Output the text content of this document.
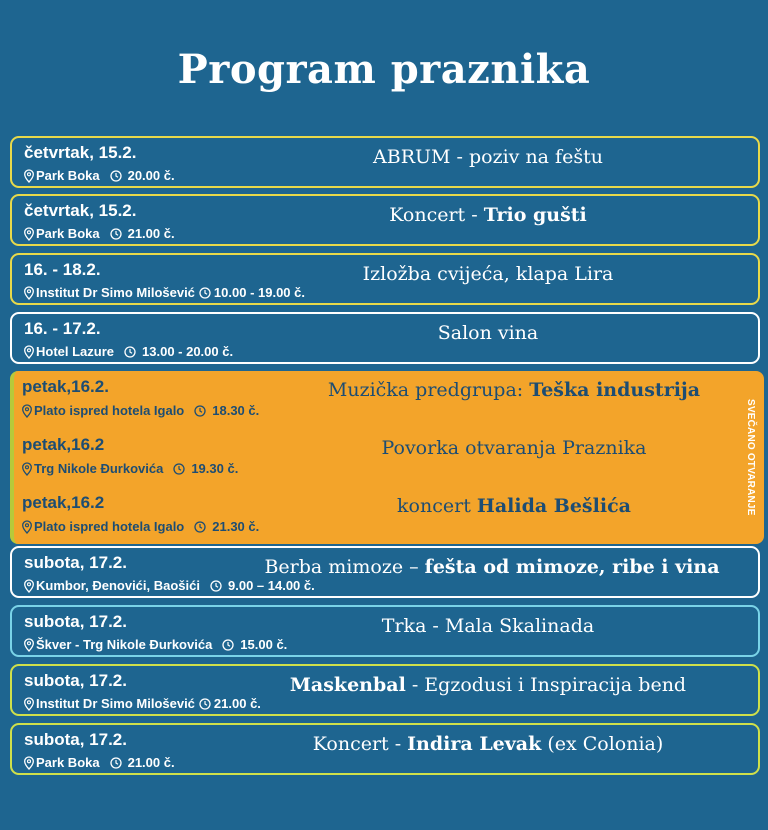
Program praznika
četvrtak, 15.2.
Park Boka 20.00 č.
ABRUM - poziv na feštu
četvrtak, 15.2.
Park Boka 21.00 č.
Koncert - Trio gušti
16. - 18.2.
Institut Dr Simo Milošević 10.00 - 19.00 č.
Izložba cvijeća, klapa Lira
16. - 17.2.
Hotel Lazure 13.00 - 20.00 č.
Salon vina
petak,16.2.
Plato ispred hotela Igalo 18.30 č.
Muzička predgrupa: Teška industrija
petak,16.2
Trg Nikole Đurkovića 19.30 č.
Povorka otvaranja Praznika
petak,16.2
Plato ispred hotela Igalo 21.30 č.
koncert Halida Bešlića	SVEČANO OTVARANJE
subota, 17.2.
Kumbor, Đenovići, Baošići 9.00 – 14.00 č.
Berba mimoze – fešta od mimoze, ribe i vina
subota, 17.2.
Škver - Trg Nikole Đurkovića 15.00 č.
Trka - Mala Skalinada
subota, 17.2.
Institut Dr Simo Milošević 21.00 č.
Maskenbal - Egzodusi i Inspiracija bend
subota, 17.2.
Park Boka 21.00 č.
Koncert - Indira Levak (ex Colonia)
